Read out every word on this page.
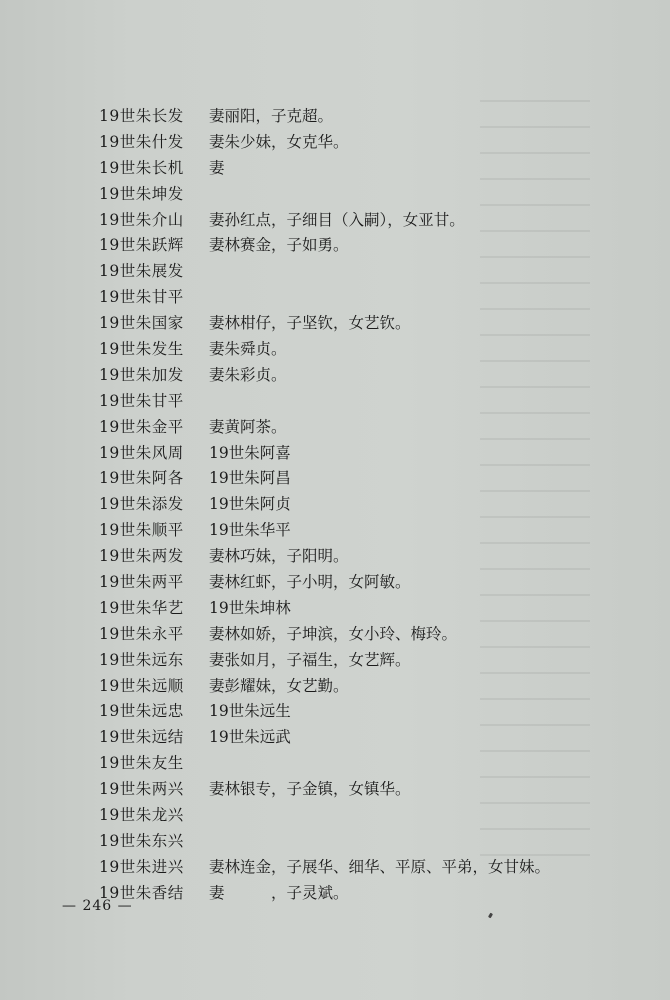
19世朱长发 妻丽阳，子克超。
19世朱什发 妻朱少妹，女克华。
19世朱长机 妻
19世朱坤发
19世朱介山 妻孙红点，子细目（入嗣），女亚甘。
19世朱跃辉 妻林赛金，子如勇。
19世朱展发
19世朱甘平
19世朱国家 妻林柑仔，子坚钦，女艺钦。
19世朱发生 妻朱舜贞。
19世朱加发 妻朱彩贞。
19世朱甘平
19世朱金平 妻黄阿茶。
19世朱风周 19世朱阿喜
19世朱阿各 19世朱阿昌
19世朱添发 19世朱阿贞
19世朱顺平 19世朱华平
19世朱两发 妻林巧妹，子阳明。
19世朱两平 妻林红虾，子小明，女阿敏。
19世朱华艺 19世朱坤林
19世朱永平 妻林如娇，子坤滨，女小玲、梅玲。
19世朱远东 妻张如月，子福生，女艺辉。
19世朱远顺 妻彭耀妹，女艺勤。
19世朱远忠 19世朱远生
19世朱远结 19世朱远武
19世朱友生
19世朱两兴 妻林银专，子金镇，女镇华。
19世朱龙兴
19世朱东兴
19世朱进兴 妻林连金，子展华、细华、平原、平弟，女甘妹。
19世朱香结 妻　　　，子灵斌。
— 246 —
